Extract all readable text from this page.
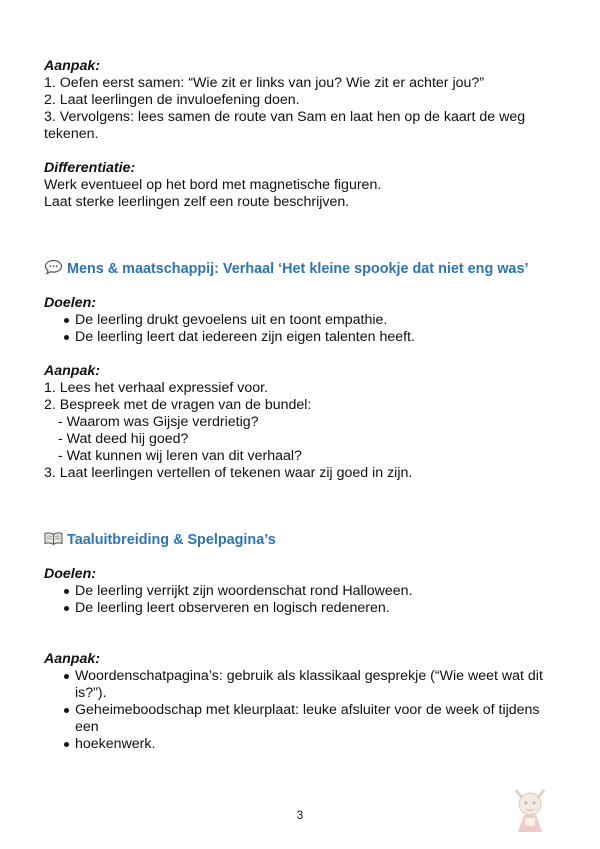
Aanpak:

1. Oefen eerst samen: “Wie zit er links van jou? Wie zit er achter jou?”

2. Laat leerlingen de invuloefening doen.

3. Vervolgens: lees samen de route van Sam en laat hen op de kaart de weg

tekenen.

Differentiatie:

Werk eventueel op het bord met magnetische figuren.

Laat sterke leerlingen zelf een route beschrijven.

Mens & maatschappij: Verhaal ‘Het kleine spookje dat niet eng was’

Doelen:

De leerling drukt gevoelens uit en toont empathie.
De leerling leert dat iedereen zijn eigen talenten heeft.

Aanpak:

1. Lees het verhaal expressief voor.

2. Bespreek met de vragen van de bundel:

- Waarom was Gijsje verdrietig?

- Wat deed hij goed?

- Wat kunnen wij leren van dit verhaal?

3. Laat leerlingen vertellen of tekenen waar zij goed in zijn.

Taaluitbreiding & Spelpagina’s

Doelen:

De leerling verrijkt zijn woordenschat rond Halloween.
De leerling leert observeren en logisch redeneren.

Aanpak:

Woordenschatpagina’s: gebruik als klassikaal gesprekje (“Wie weet wat dit
is?”).
Geheimeboodschap met kleurplaat: leuke afsluiter voor de week of tijdens een
hoekenwerk.
3
